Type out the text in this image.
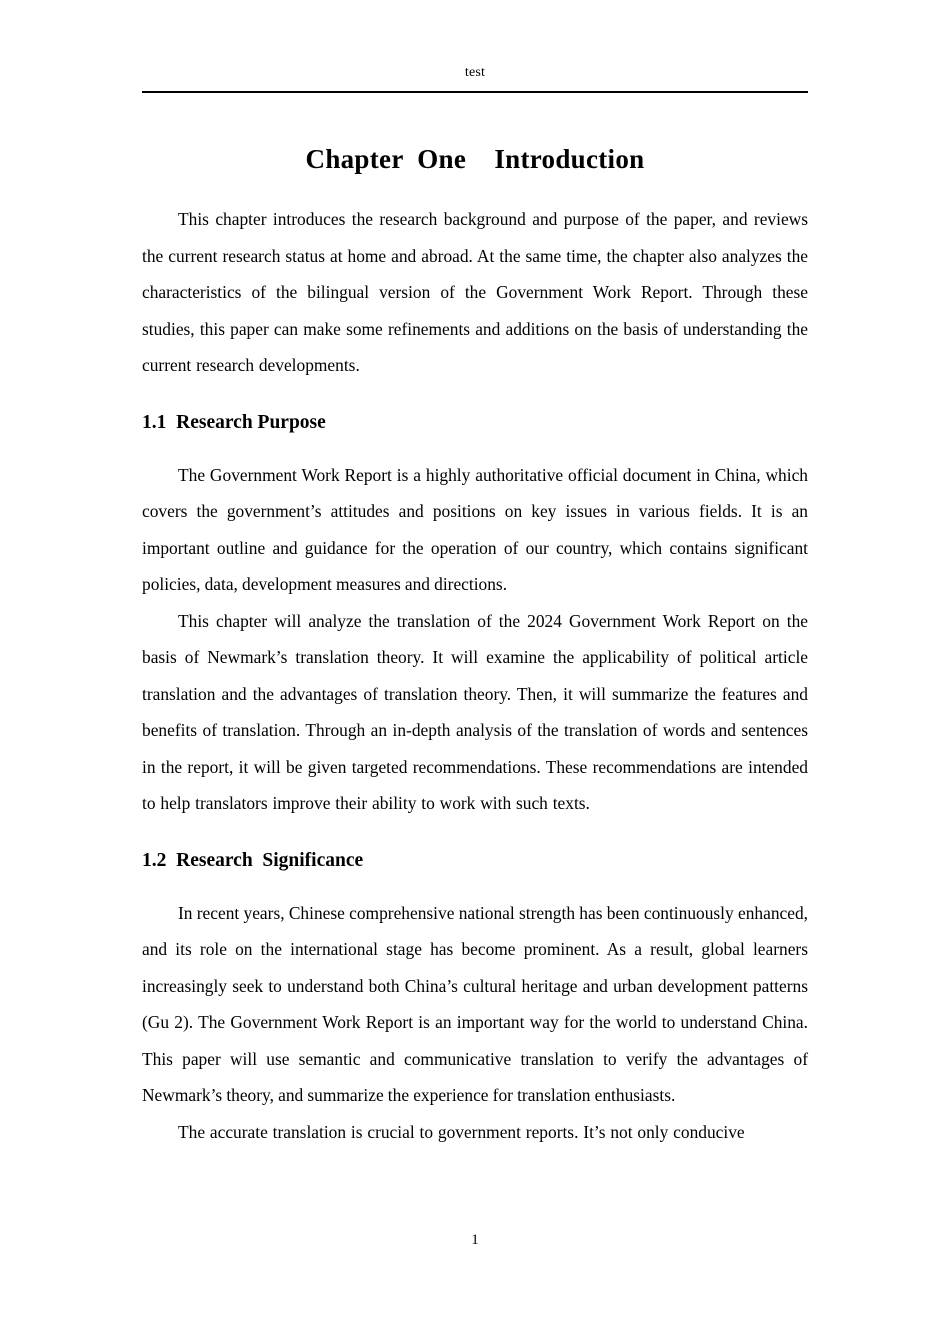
test
Chapter  One    Introduction

This chapter introduces the research background and purpose of the paper, and reviews the current research status at home and abroad. At the same time, the chapter also analyzes the characteristics of the bilingual version of the Government Work Report. Through these studies, this paper can make some refinements and additions on the basis of understanding the current research developments.

1.1  Research Purpose

The Government Work Report is a highly authoritative official document in China, which covers the government’s attitudes and positions on key issues in various fields. It is an important outline and guidance for the operation of our country, which contains significant policies, data, development measures and directions.

This chapter will analyze the translation of the 2024 Government Work Report on the basis of Newmark’s translation theory. It will examine the applicability of political article translation and the advantages of translation theory. Then, it will summarize the features and benefits of translation. Through an in-depth analysis of the translation of words and sentences in the report, it will be given targeted recommendations. These recommendations are intended to help translators improve their ability to work with such texts.

1.2  Research  Significance

In recent years, Chinese comprehensive national strength has been continuously enhanced, and its role on the international stage has become prominent. As a result, global learners increasingly seek to understand both China’s cultural heritage and urban development patterns (Gu 2). The Government Work Report is an important way for the world to understand China. This paper will use semantic and communicative translation to verify the advantages of Newmark’s theory, and summarize the experience for translation enthusiasts.

The accurate translation is crucial to government reports. It’s not only conducive

1
